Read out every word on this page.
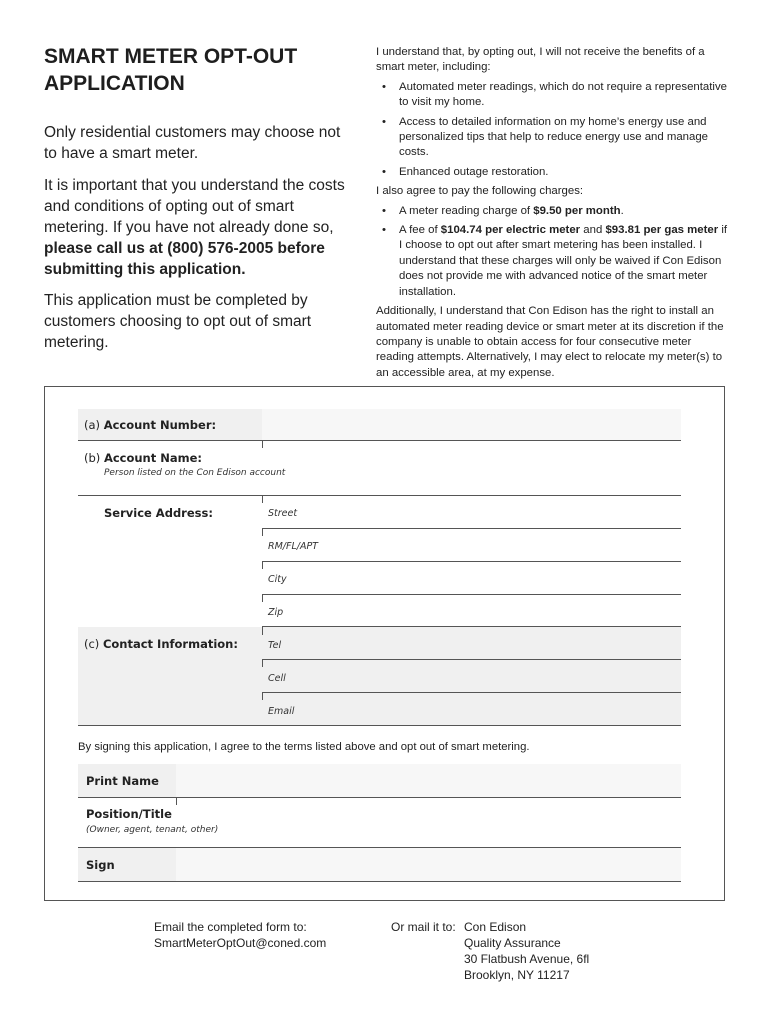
SMART METER OPT-OUT
APPLICATION
Only residential customers may choose not to have a smart meter.
It is important that you understand the costs and conditions of opting out of smart metering. If you have not already done so, please call us at (800) 576-2005 before submitting this application.
This application must be completed by customers choosing to opt out of smart metering.

I understand that, by opting out, I will not receive the benefits of a smart meter, including:

• Automated meter readings, which do not require a representative to visit my home.
• Access to detailed information on my home’s energy use and personalized tips that help to reduce energy use and manage costs.
• Enhanced outage restoration.

I also agree to pay the following charges:

• A meter reading charge of $9.50 per month.
• A fee of $104.74 per electric meter and $93.81 per gas meter if I choose to opt out after smart metering has been installed. I understand that these charges will only be waived if Con Edison does not provide me with advanced notice of the smart meter installation.

Additionally, I understand that Con Edison has the right to install an automated meter reading device or smart meter at its discretion if the company is unable to obtain access for four consecutive meter reading attempts. Alternatively, I may elect to relocate my meter(s) to an accessible area, at my expense.

(a) Account Number:
(b) Account Name:
Person listed on the Con Edison account
Service Address:	Street
RM/FL/APT
City
Zip
(c) Contact Information:	Tel
Cell
Email
By signing this application, I agree to the terms listed above and opt out of smart metering.
Print Name
Position/Title
(Owner, agent, tenant, other)
Sign
Email the completed form to:
SmartMeterOptOut@coned.com
Or mail it to: Con Edison
Quality Assurance
30 Flatbush Avenue, 6fl
Brooklyn, NY 11217
